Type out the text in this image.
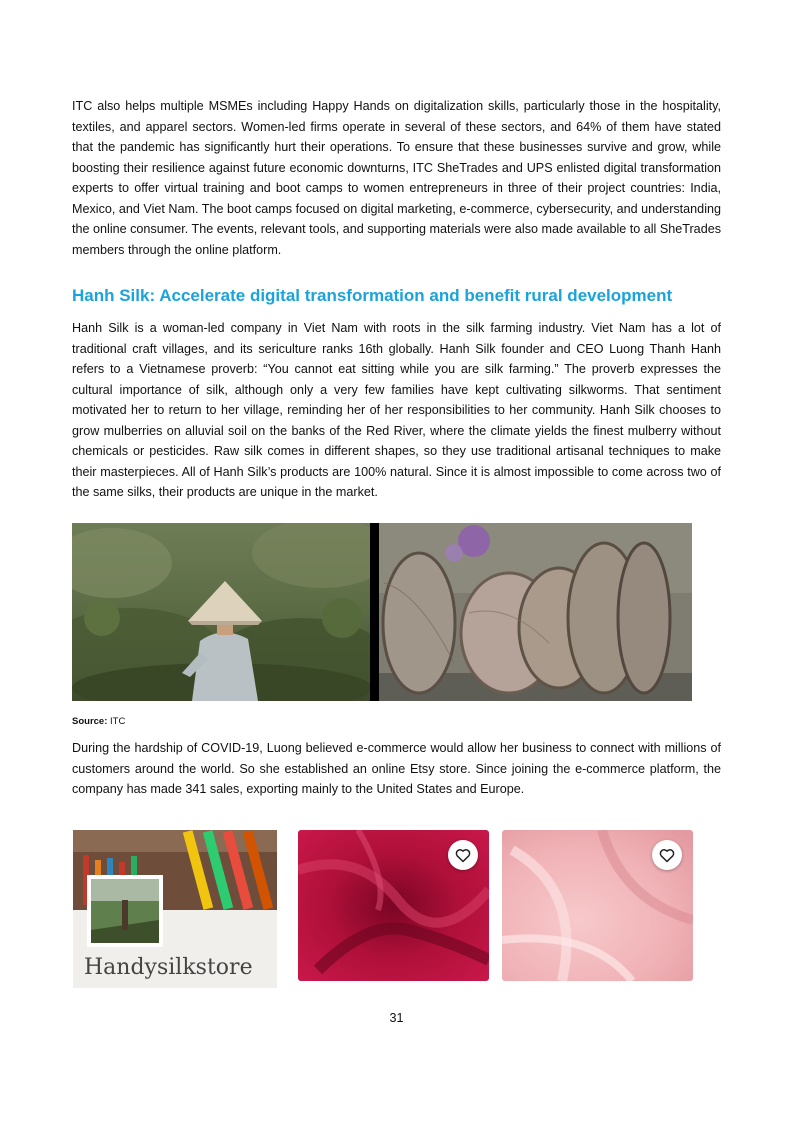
ITC also helps multiple MSMEs including Happy Hands on digitalization skills, particularly those in the hospitality, textiles, and apparel sectors. Women-led firms operate in several of these sectors, and 64% of them have stated that the pandemic has significantly hurt their operations. To ensure that these businesses survive and grow, while boosting their resilience against future economic downturns, ITC SheTrades and UPS enlisted digital transformation experts to offer virtual training and boot camps to women entrepreneurs in three of their project countries: India, Mexico, and Viet Nam. The boot camps focused on digital marketing, e-commerce, cybersecurity, and understanding the online consumer. The events, relevant tools, and supporting materials were also made available to all SheTrades members through the online platform.

Hanh Silk: Accelerate digital transformation and benefit rural development

Hanh Silk is a woman-led company in Viet Nam with roots in the silk farming industry. Viet Nam has a lot of traditional craft villages, and its sericulture ranks 16th globally. Hanh Silk founder and CEO Luong Thanh Hanh refers to a Vietnamese proverb: “You cannot eat sitting while you are silk farming.” The proverb expresses the cultural importance of silk, although only a very few families have kept cultivating silkworms. That sentiment motivated her to return to her village, reminding her of her responsibilities to her community. Hanh Silk chooses to grow mulberries on alluvial soil on the banks of the Red River, where the climate yields the finest mulberry without chemicals or pesticides. Raw silk comes in different shapes, so they use traditional artisanal techniques to make their masterpieces. All of Hanh Silk’s products are 100% natural. Since it is almost impossible to come across two of the same silks, their products are unique in the market.

Source: ITC

During the hardship of COVID-19, Luong believed e-commerce would allow her business to connect with millions of customers around the world. So she established an online Etsy store. Since joining the e-commerce platform, the company has made 341 sales, exporting mainly to the United States and Europe.

Handysilkstore

31
